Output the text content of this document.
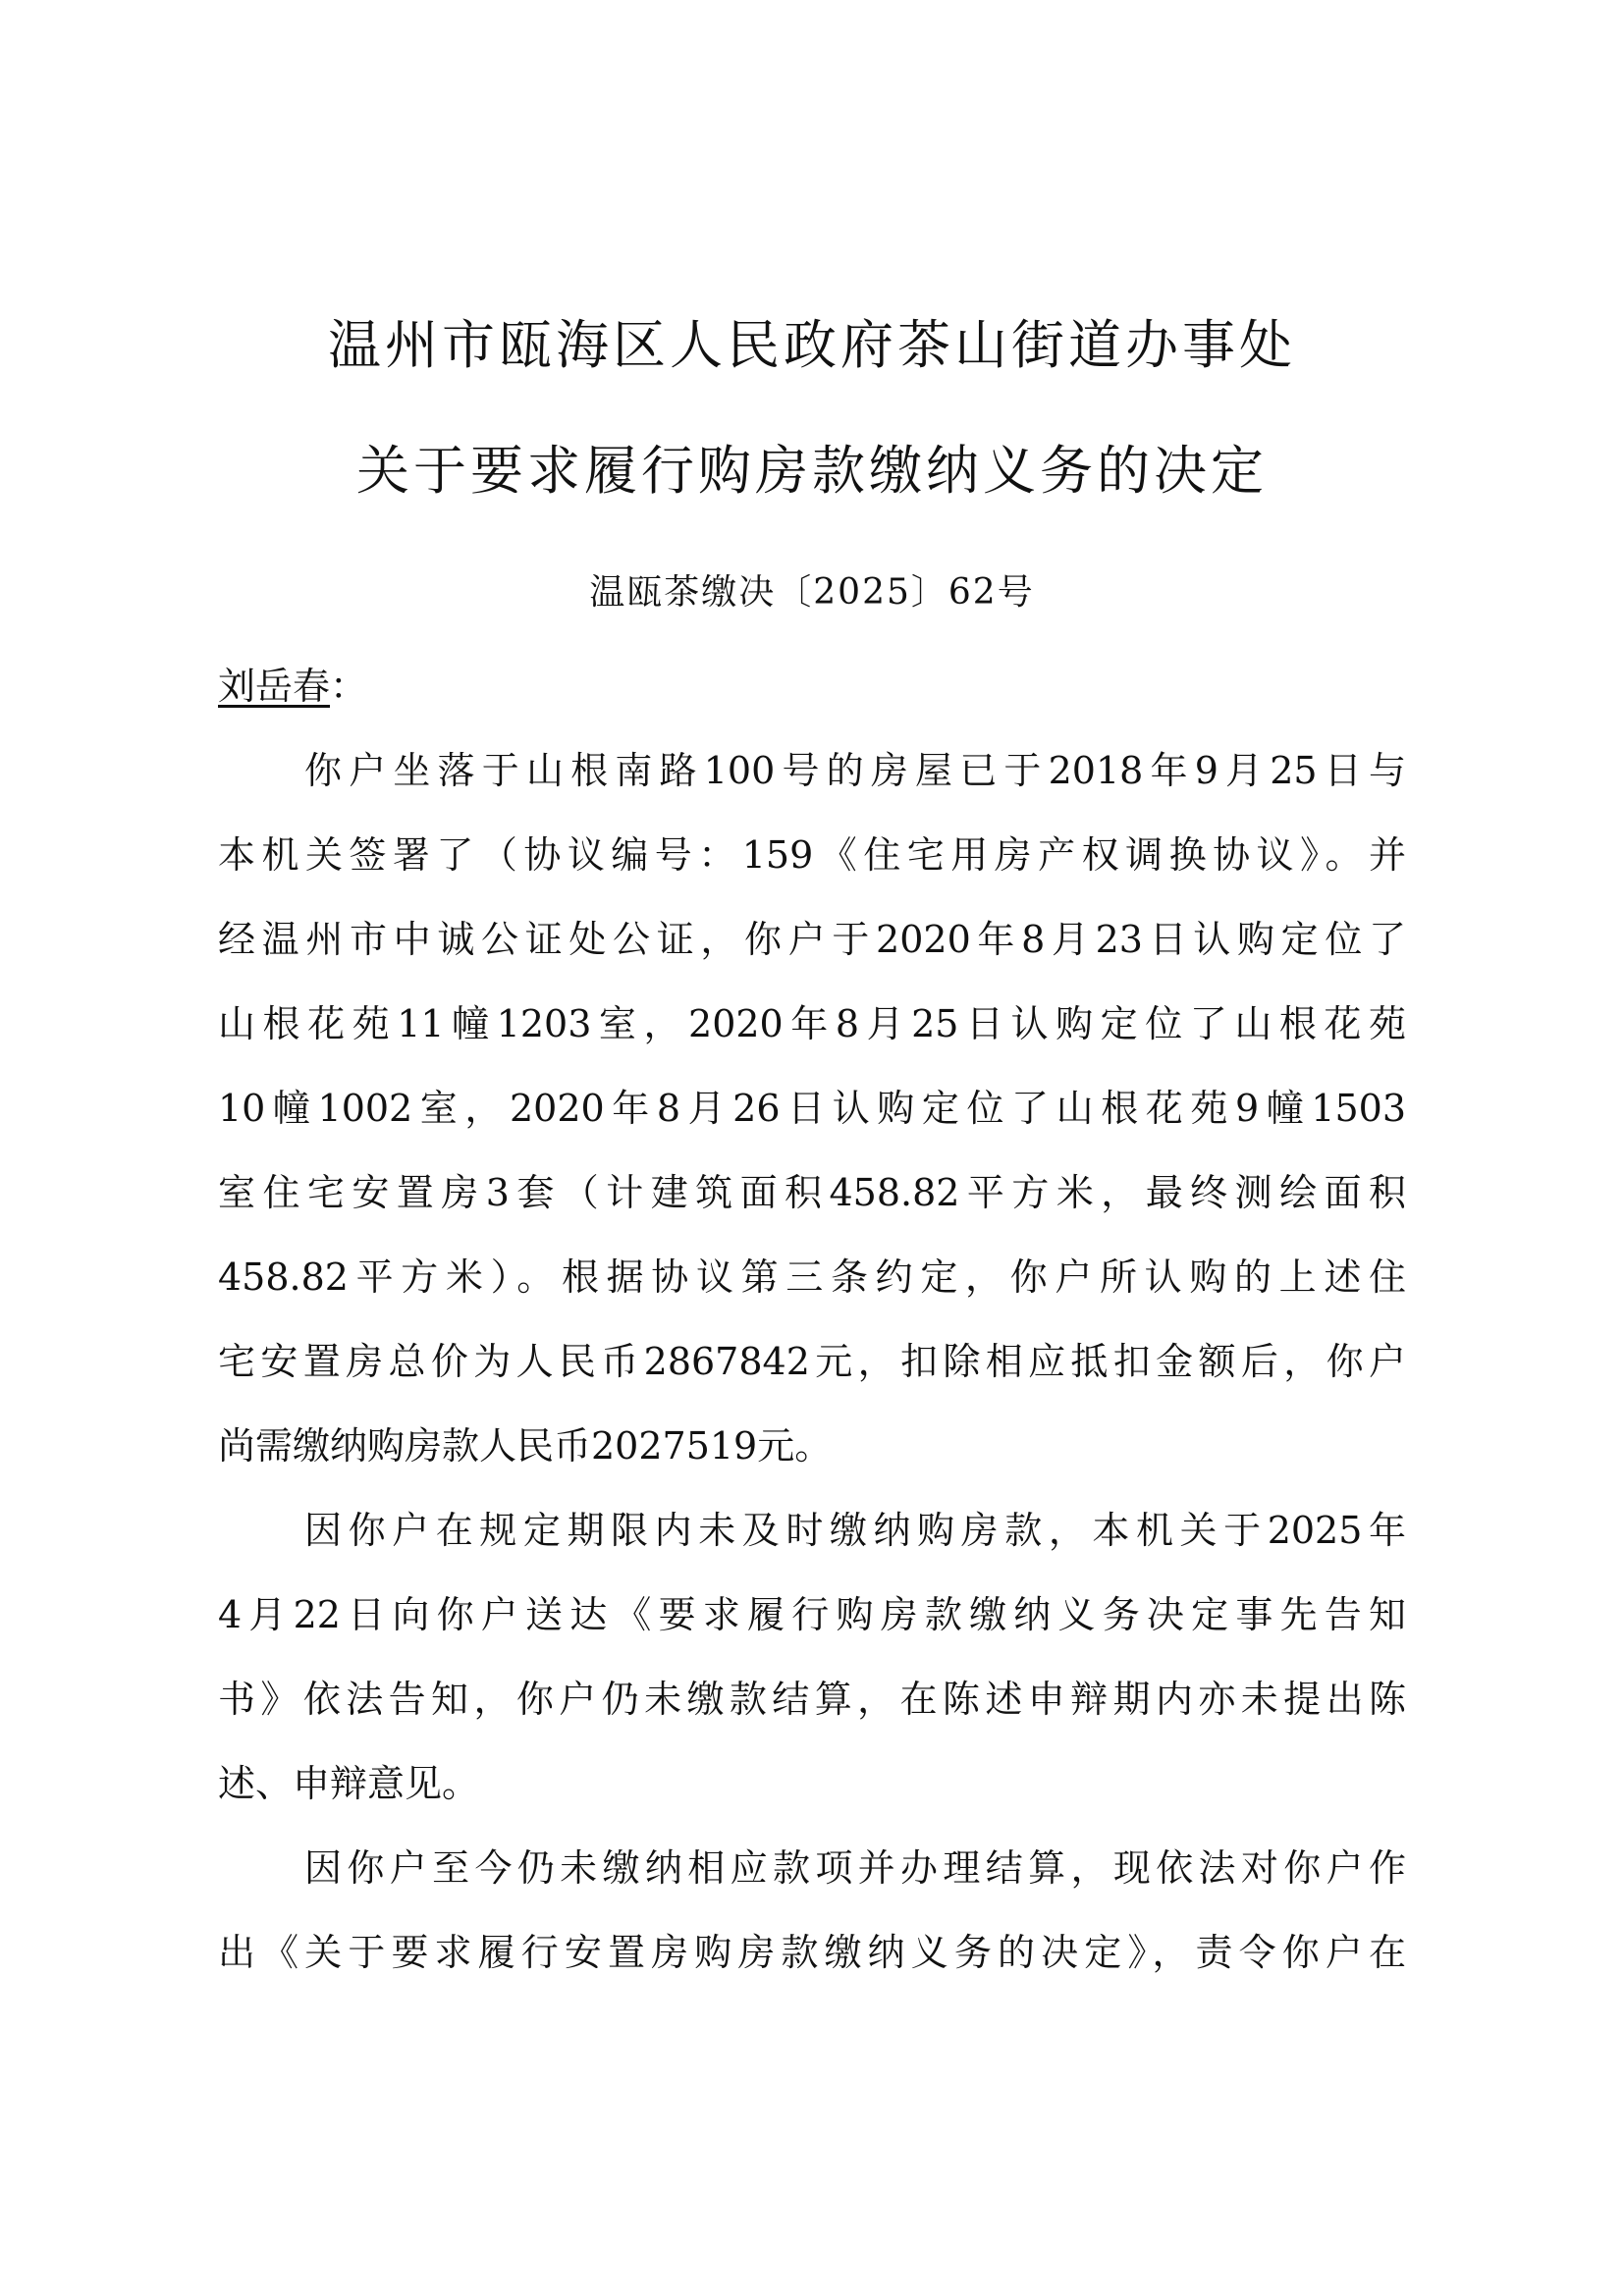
温州市瓯海区人民政府茶山街道办事处
关于要求履行购房款缴纳义务的决定
温瓯茶缴决〔2025〕62号
刘岳春：
你户坐落于山根南路100号的房屋已于2018年9月25日与
本机关签署了（协议编号：159《住宅用房产权调换协议》。并
经温州市中诚公证处公证，你户于2020年8月23日认购定位了
山根花苑11幢1203室，2020年8月25日认购定位了山根花苑
10幢1002室，2020年8月26日认购定位了山根花苑9幢1503
室住宅安置房3套（计建筑面积458.82平方米，最终测绘面积
458.82平方米）。根据协议第三条约定，你户所认购的上述住
宅安置房总价为人民币2867842元，扣除相应抵扣金额后，你户
尚需缴纳购房款人民币2027519元。
因你户在规定期限内未及时缴纳购房款，本机关于2025年
4月22日向你户送达《要求履行购房款缴纳义务决定事先告知
书》依法告知，你户仍未缴款结算，在陈述申辩期内亦未提出陈
述、申辩意见。
因你户至今仍未缴纳相应款项并办理结算，现依法对你户作
出《关于要求履行安置房购房款缴纳义务的决定》，责令你户在
